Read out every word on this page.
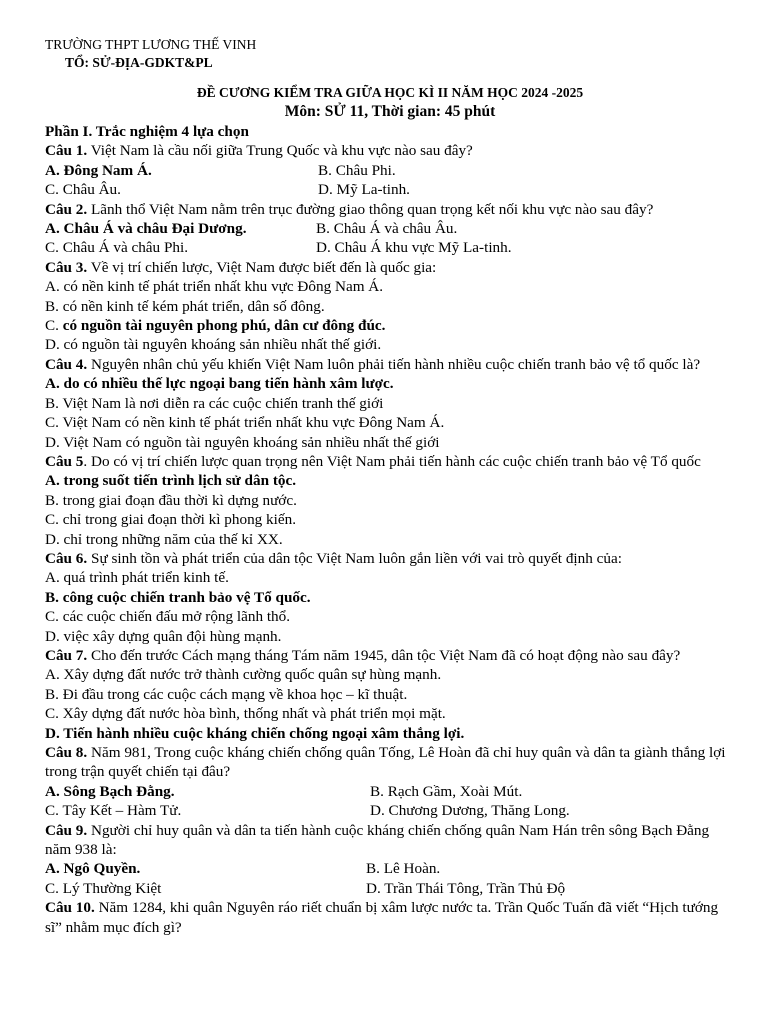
TRƯỜNG THPT LƯƠNG THẾ VINH
TỔ: SỬ-ĐỊA-GDKT&PL
ĐỀ CƯƠNG KIỂM TRA GIỮA HỌC KÌ II NĂM HỌC 2024 -2025
Môn: SỬ 11, Thời gian: 45 phút
Phần I. Trắc nghiệm 4 lựa chọn
Câu 1. Việt Nam là cầu nối giữa Trung Quốc và khu vực nào sau đây?
A. Đông Nam Á.	B. Châu Phi.
C. Châu Âu.	D. Mỹ La-tinh.
Câu 2. Lãnh thổ Việt Nam nằm trên trục đường giao thông quan trọng kết nối khu vực nào sau đây?
A. Châu Á và châu Đại Dương.	B. Châu Á và châu Âu.
C. Châu Á và châu Phi.	D. Châu Á khu vực Mỹ La-tinh.
Câu 3. Về vị trí chiến lược, Việt Nam được biết đến là quốc gia:
A. có nền kinh tế phát triển nhất khu vực Đông Nam Á.
B. có nền kinh tế kém phát triển, dân số đông.
C. có nguồn tài nguyên phong phú, dân cư đông đúc.
D. có nguồn tài nguyên khoáng sản nhiều nhất thế giới.
Câu 4. Nguyên nhân chủ yếu khiến Việt Nam luôn phải tiến hành nhiều cuộc chiến tranh bảo vệ tổ quốc là?
A. do có nhiều thế lực ngoại bang tiến hành xâm lược.
B. Việt Nam là nơi diễn ra các cuộc chiến tranh thế giới
C. Việt Nam có nền kinh tế phát triển nhất khu vực Đông Nam Á.
D. Việt Nam có nguồn tài nguyên khoáng sản nhiều nhất thế giới
Câu 5. Do có vị trí chiến lược quan trọng nên Việt Nam phải tiến hành các cuộc chiến tranh bảo vệ Tổ quốc
A. trong suốt tiến trình lịch sử dân tộc.
B. trong giai đoạn đầu thời kì dựng nước.
C. chỉ trong giai đoạn thời kì phong kiến.
D. chỉ trong những năm của thế kỉ XX.
Câu 6. Sự sinh tồn và phát triển của dân tộc Việt Nam luôn gắn liền với vai trò quyết định của:
A. quá trình phát triển kinh tế.
B. công cuộc chiến tranh bảo vệ Tổ quốc.
C. các cuộc chiến đấu mở rộng lãnh thổ.
D. việc xây dựng quân đội hùng mạnh.
Câu 7. Cho đến trước Cách mạng tháng Tám năm 1945, dân tộc Việt Nam đã có hoạt động nào sau đây?
A. Xây dựng đất nước trở thành cường quốc quân sự hùng mạnh.
B. Đi đầu trong các cuộc cách mạng về khoa học – kĩ thuật.
C. Xây dựng đất nước hòa bình, thống nhất và phát triển mọi mặt.
D. Tiến hành nhiều cuộc kháng chiến chống ngoại xâm thắng lợi.
Câu 8. Năm 981, Trong cuộc kháng chiến chống quân Tống, Lê Hoàn đã chỉ huy quân và dân ta giành thắng lợi trong trận quyết chiến tại đâu?
A. Sông Bạch Đằng.	B. Rạch Gầm, Xoài Mút.
C. Tây Kết – Hàm Tử.	D. Chương Dương, Thăng Long.
Câu 9. Người chỉ huy quân và dân ta tiến hành cuộc kháng chiến chống quân Nam Hán trên sông Bạch Đằng năm 938 là:
A. Ngô Quyền.	B. Lê Hoàn.
C. Lý Thường Kiệt	D. Trần Thái Tông, Trần Thủ Độ
Câu 10. Năm 1284, khi quân Nguyên ráo riết chuẩn bị xâm lược nước ta. Trần Quốc Tuấn đã viết “Hịch tướng sĩ” nhằm mục đích gì?
